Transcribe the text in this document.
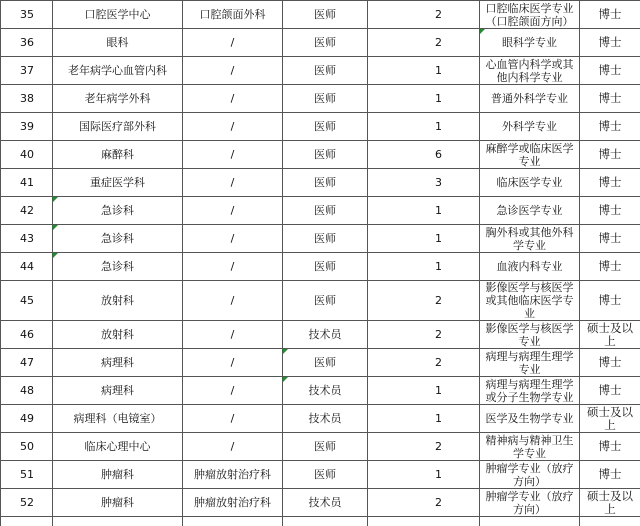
35	口腔医学中心	口腔颌面外科	医师	2	口腔临床医学专业（口腔颌面方向）	博士
36	眼科	/	医师	2	眼科学专业	博士
37	老年病学心血管内科	/	医师	1	心血管内科学或其他内科学专业	博士
38	老年病学外科	/	医师	1	普通外科学专业	博士
39	国际医疗部外科	/	医师	1	外科学专业	博士
40	麻醉科	/	医师	6	麻醉学或临床医学专业	博士
41	重症医学科	/	医师	3	临床医学专业	博士
42	急诊科	/	医师	1	急诊医学专业	博士
43	急诊科	/	医师	1	胸外科或其他外科学专业	博士
44	急诊科	/	医师	1	血液内科专业	博士
45	放射科	/	医师	2	影像医学与核医学或其他临床医学专业	博士
46	放射科	/	技术员	2	影像医学与核医学专业	硕士及以上
47	病理科	/	医师	2	病理与病理生理学专业	博士
48	病理科	/	技术员	1	病理与病理生理学或分子生物学专业	博士
49	病理科（电镜室）	/	技术员	1	医学及生物学专业	硕士及以上
50	临床心理中心	/	医师	2	精神病与精神卫生学专业	博士
51	肿瘤科	肿瘤放射治疗科	医师	1	肿瘤学专业（放疗方向）	博士
52	肿瘤科	肿瘤放射治疗科	技术员	2	肿瘤学专业（放疗方向）	硕士及以上
